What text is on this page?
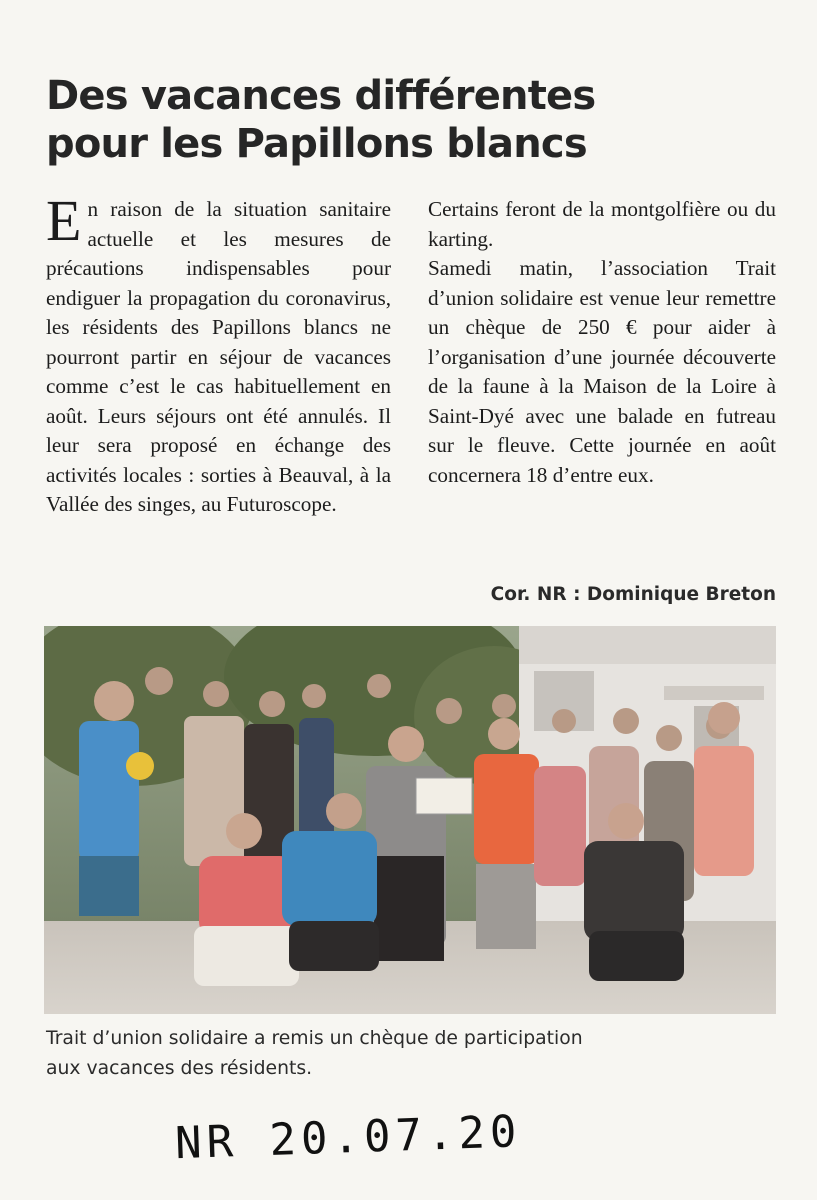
Des vacances différentes
pour les Papillons blancs

En raison de la situation sanitaire actuelle et les mesures de précautions indispensables pour endiguer la propagation du coronavirus, les résidents des Papillons blancs ne pourront partir en séjour de vacances comme c’est le cas habituellement en août. Leurs séjours ont été annulés. Il leur sera proposé en échange des activités locales : sorties à Beauval, à la Vallée des singes, au Futuroscope.

Certains feront de la montgolfière ou du karting.

Samedi matin, l’association Trait d’union solidaire est venue leur remettre un chèque de 250 € pour aider à l’organisation d’une journée découverte de la faune à la Maison de la Loire à Saint-Dyé avec une balade en futreau sur le fleuve. Cette journée en août concernera 18 d’entre eux.

Cor. NR : Dominique Breton

Trait d’union solidaire a remis un chèque de participation
aux vacances des résidents.

NR 20.07.20
